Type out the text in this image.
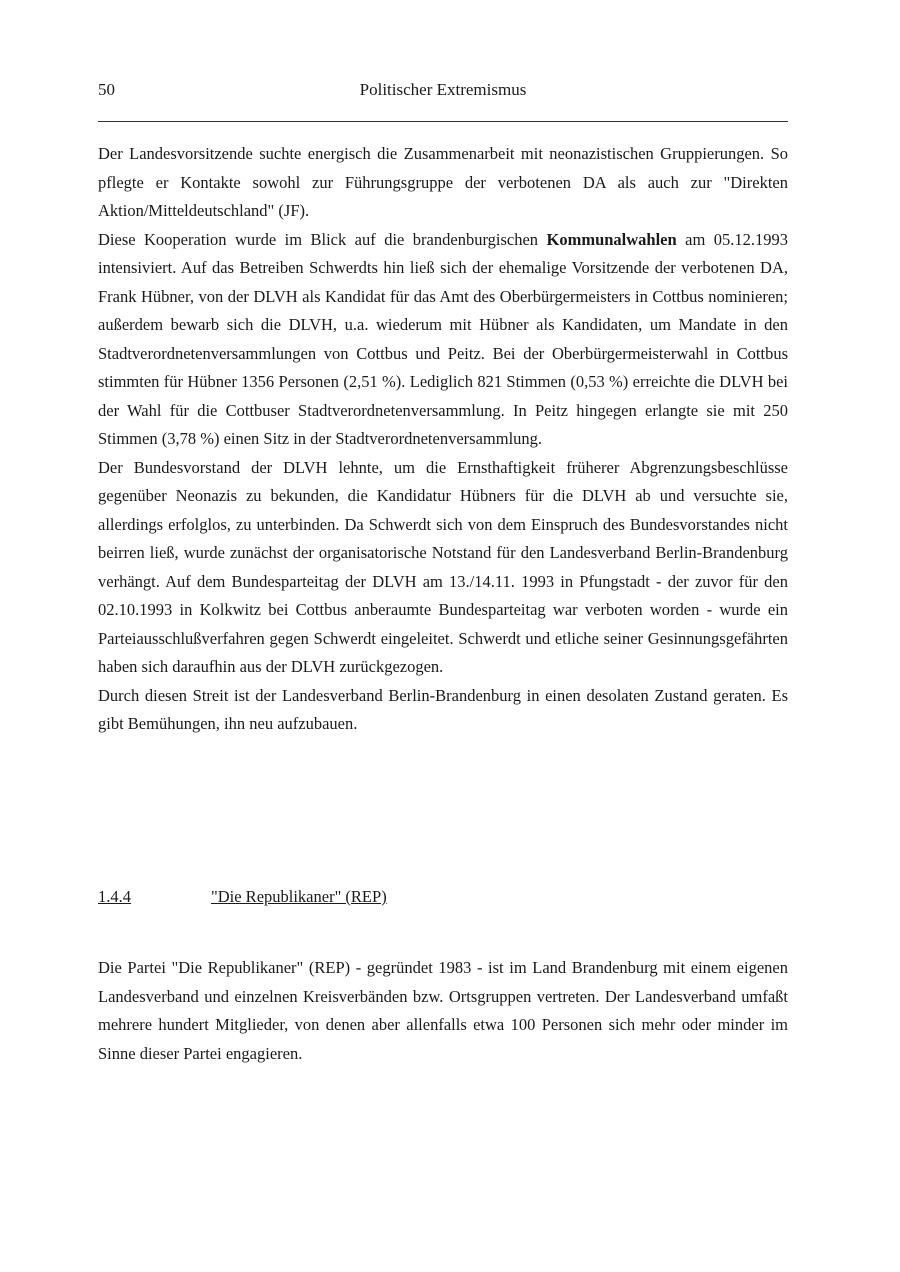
50	Politischer Extremismus

Der Landesvorsitzende suchte energisch die Zusammenarbeit mit neonazistischen Gruppierungen. So pflegte er Kontakte sowohl zur Führungsgruppe der verbotenen DA als auch zur "Direkten Aktion/Mitteldeutschland" (JF).

Diese Kooperation wurde im Blick auf die brandenburgischen Kommunalwahlen am 05.12.1993 intensiviert. Auf das Betreiben Schwerdts hin ließ sich der ehemalige Vorsitzende der verbotenen DA, Frank Hübner, von der DLVH als Kandidat für das Amt des Oberbürgermeisters in Cottbus nominieren; außerdem bewarb sich die DLVH, u.a. wiederum mit Hübner als Kandidaten, um Mandate in den Stadtverordnetenversammlungen von Cottbus und Peitz. Bei der Oberbürgermeisterwahl in Cottbus stimmten für Hübner 1356 Personen (2,51 %). Lediglich 821 Stimmen (0,53 %) erreichte die DLVH bei der Wahl für die Cottbuser Stadtverordnetenversammlung. In Peitz hingegen erlangte sie mit 250 Stimmen (3,78 %) einen Sitz in der Stadtverordnetenversammlung.

Der Bundesvorstand der DLVH lehnte, um die Ernsthaftigkeit früherer Abgrenzungsbeschlüsse gegenüber Neonazis zu bekunden, die Kandidatur Hübners für die DLVH ab und versuchte sie, allerdings erfolglos, zu unterbinden. Da Schwerdt sich von dem Einspruch des Bundesvorstandes nicht beirren ließ, wurde zunächst der organisatorische Notstand für den Landesverband Berlin-Brandenburg verhängt. Auf dem Bundesparteitag der DLVH am 13./14.11. 1993 in Pfungstadt - der zuvor für den 02.10.1993 in Kolkwitz bei Cottbus anberaumte Bundesparteitag war verboten worden - wurde ein Parteiausschlußverfahren gegen Schwerdt eingeleitet. Schwerdt und etliche seiner Gesinnungsgefährten haben sich daraufhin aus der DLVH zurückgezogen.

Durch diesen Streit ist der Landesverband Berlin-Brandenburg in einen desolaten Zustand geraten. Es gibt Bemühungen, ihn neu aufzubauen.

1.4.4	"Die Republikaner" (REP)

Die Partei "Die Republikaner" (REP) - gegründet 1983 - ist im Land Brandenburg mit einem eigenen Landesverband und einzelnen Kreisverbänden bzw. Ortsgruppen vertreten. Der Landesverband umfaßt mehrere hundert Mitglieder, von denen aber allenfalls etwa 100 Personen sich mehr oder minder im Sinne dieser Partei engagieren.
